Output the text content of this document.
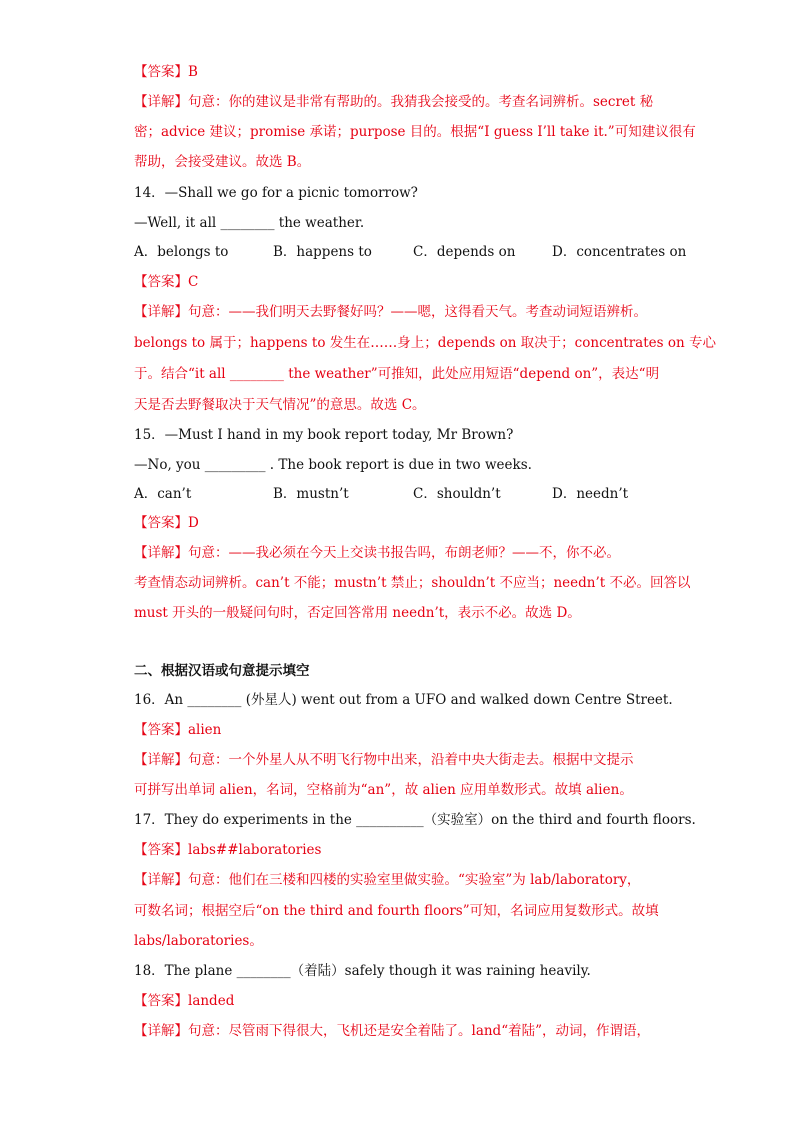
【答案】B
【详解】句意：你的建议是非常有帮助的。我猜我会接受的。考查名词辨析。secret 秘
密；advice 建议；promise 承诺；purpose 目的。根据“I guess I’ll take it.”可知建议很有
帮助，会接受建议。故选 B。
14．—Shall we go for a picnic tomorrow?
—Well, it all ________ the weather.
A．belongs to	B．happens to	C．depends on	D．concentrates on
【答案】C
【详解】句意：——我们明天去野餐好吗？——嗯，这得看天气。考查动词短语辨析。
belongs to 属于；happens to 发生在……身上；depends on 取决于；concentrates on 专心
于。结合“it all ________ the weather”可推知，此处应用短语“depend on”，表达“明
天是否去野餐取决于天气情况”的意思。故选 C。
15．—Must I hand in my book report today, Mr Brown?
—No, you _________ . The book report is due in two weeks.
A．can’t	B．mustn’t	C．shouldn’t	D．needn’t
【答案】D
【详解】句意：——我必须在今天上交读书报告吗，布朗老师？——不，你不必。
考查情态动词辨析。can’t 不能；mustn’t 禁止；shouldn’t 不应当；needn’t 不必。回答以
must 开头的一般疑问句时，否定回答常用 needn’t，表示不必。故选 D。
二、根据汉语或句意提示填空
16．An ________ (外星人) went out from a UFO and walked down Centre Street.
【答案】alien
【详解】句意：一个外星人从不明飞行物中出来，沿着中央大街走去。根据中文提示
可拼写出单词 alien，名词，空格前为“an”，故 alien 应用单数形式。故填 alien。
17．They do experiments in the __________（实验室）on the third and fourth floors.
【答案】labs##laboratories
【详解】句意：他们在三楼和四楼的实验室里做实验。“实验室”为 lab/laboratory，
可数名词；根据空后“on the third and fourth floors”可知，名词应用复数形式。故填
labs/laboratories。
18．The plane ________（着陆）safely though it was raining heavily.
【答案】landed
【详解】句意：尽管雨下得很大，飞机还是安全着陆了。land“着陆”，动词，作谓语，
